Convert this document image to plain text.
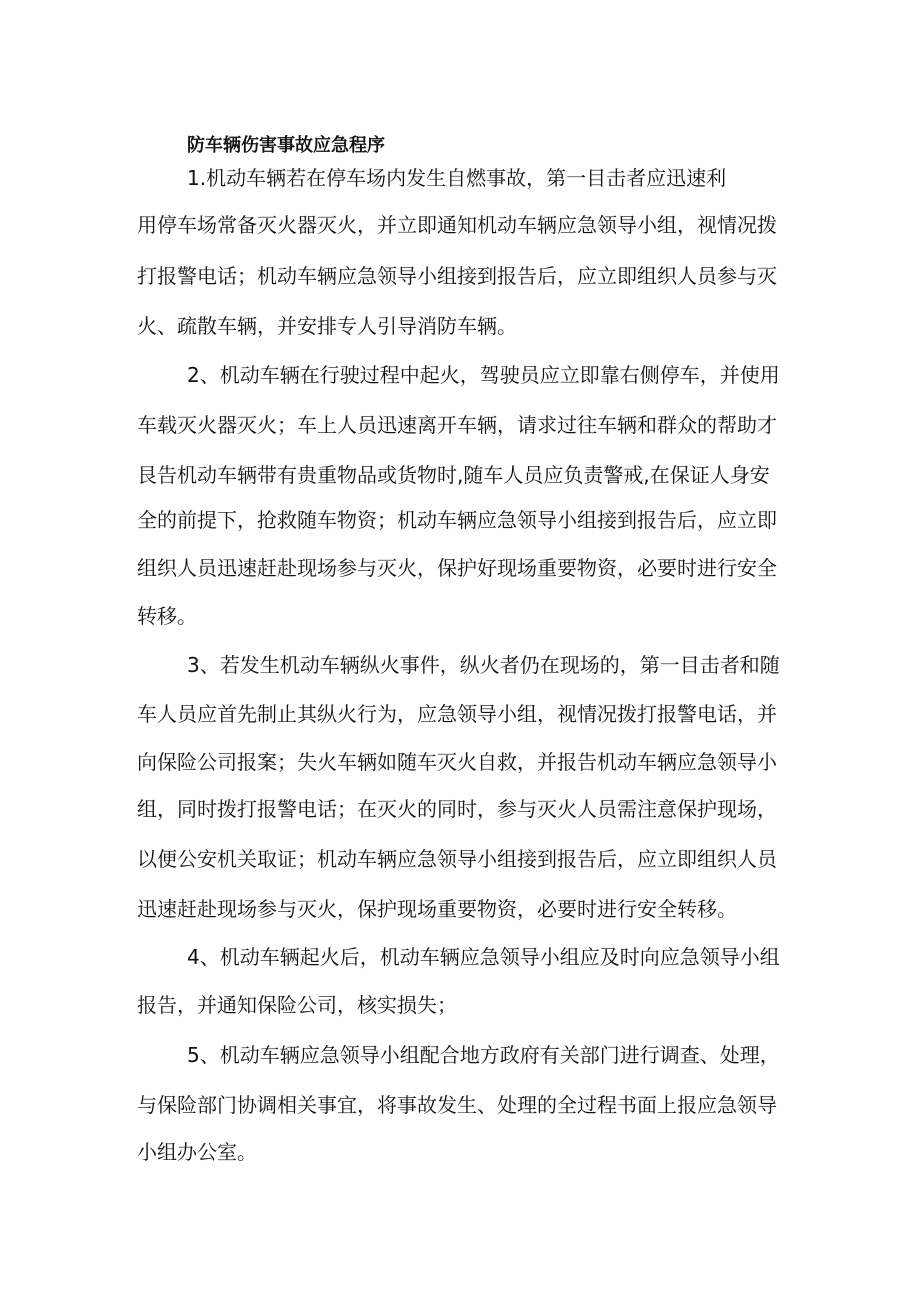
防车辆伤害事故应急程序
1.机动车辆若在停车场内发生自燃事故，第一目击者应迅速利
用停车场常备灭火器灭火，并立即通知机动车辆应急领导小组，视情况拨
打报警电话；机动车辆应急领导小组接到报告后，应立即组织人员参与灭
火、疏散车辆，并安排专人引导消防车辆。
2、机动车辆在行驶过程中起火，驾驶员应立即靠右侧停车，并使用
车载灭火器灭火；车上人员迅速离开车辆，请求过往车辆和群众的帮助才
艮告机动车辆带有贵重物品或货物时,随车人员应负责警戒,在保证人身安
全的前提下，抢救随车物资；机动车辆应急领导小组接到报告后，应立即
组织人员迅速赶赴现场参与灭火，保护好现场重要物资，必要时进行安全
转移。
3、若发生机动车辆纵火事件，纵火者仍在现场的，第一目击者和随
车人员应首先制止其纵火行为，应急领导小组，视情况拨打报警电话，并
向保险公司报案；失火车辆如随车灭火自救，并报告机动车辆应急领导小
组，同时拨打报警电话；在灭火的同时，参与灭火人员需注意保护现场，
以便公安机关取证；机动车辆应急领导小组接到报告后，应立即组织人员
迅速赶赴现场参与灭火，保护现场重要物资，必要时进行安全转移。
4、机动车辆起火后，机动车辆应急领导小组应及时向应急领导小组
报告，并通知保险公司，核实损失；
5、机动车辆应急领导小组配合地方政府有关部门进行调查、处理，
与保险部门协调相关事宜，将事故发生、处理的全过程书面上报应急领导
小组办公室。
